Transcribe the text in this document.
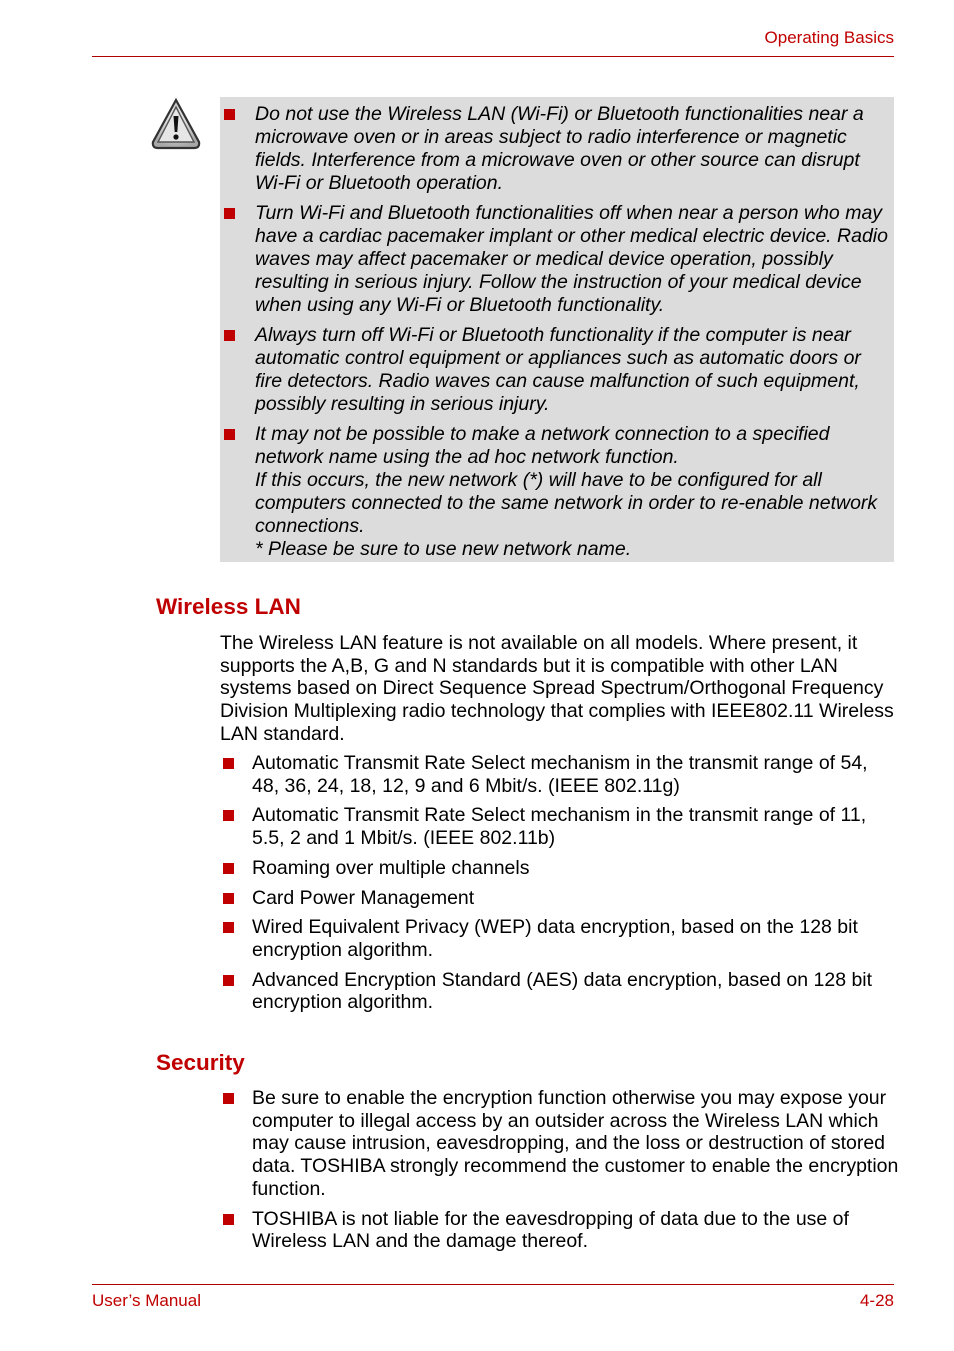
Operating Basics

Do not use the Wireless LAN (Wi-Fi) or Bluetooth functionalities near a microwave oven or in areas subject to radio interference or magnetic fields. Interference from a microwave oven or other source can disrupt Wi-Fi or Bluetooth operation.

Turn Wi-Fi and Bluetooth functionalities off when near a person who may have a cardiac pacemaker implant or other medical electric device. Radio waves may affect pacemaker or medical device operation, possibly resulting in serious injury. Follow the instruction of your medical device when using any Wi-Fi or Bluetooth functionality.

Always turn off Wi-Fi or Bluetooth functionality if the computer is near automatic control equipment or appliances such as automatic doors or fire detectors. Radio waves can cause malfunction of such equipment, possibly resulting in serious injury.

It may not be possible to make a network connection to a specified network name using the ad hoc network function.

If this occurs, the new network (*) will have to be configured for all computers connected to the same network in order to re-enable network connections.

* Please be sure to use new network name.

Wireless LAN

The Wireless LAN feature is not available on all models. Where present, it supports the A,B, G and N standards but it is compatible with other LAN systems based on Direct Sequence Spread Spectrum/Orthogonal Frequency Division Multiplexing radio technology that complies with IEEE802.11 Wireless LAN standard.

Automatic Transmit Rate Select mechanism in the transmit range of 54, 48, 36, 24, 18, 12, 9 and 6 Mbit/s. (IEEE 802.11g)
Automatic Transmit Rate Select mechanism in the transmit range of 11, 5.5, 2 and 1 Mbit/s. (IEEE 802.11b)
Roaming over multiple channels
Card Power Management
Wired Equivalent Privacy (WEP) data encryption, based on the 128 bit encryption algorithm.
Advanced Encryption Standard (AES) data encryption, based on 128 bit encryption algorithm.
Security
Be sure to enable the encryption function otherwise you may expose your computer to illegal access by an outsider across the Wireless LAN which may cause intrusion, eavesdropping, and the loss or destruction of stored data. TOSHIBA strongly recommend the customer to enable the encryption function.
TOSHIBA is not liable for the eavesdropping of data due to the use of Wireless LAN and the damage thereof.
User’s Manual	4-28
